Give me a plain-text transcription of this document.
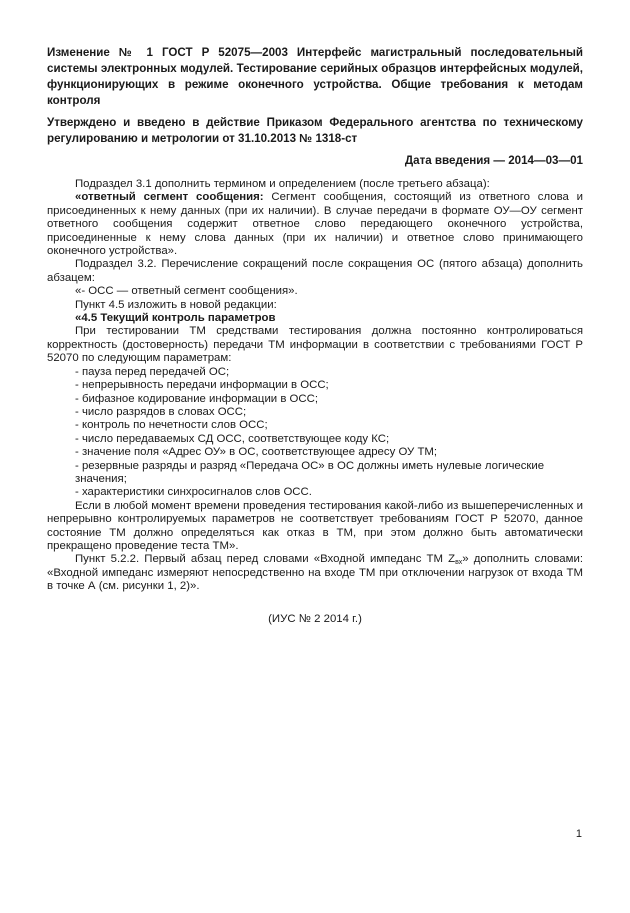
Изменение № 1 ГОСТ Р 52075—2003 Интерфейс магистральный последовательный системы электронных модулей. Тестирование серийных образцов интерфейсных модулей, функционирующих в режиме оконечного устройства. Общие требования к методам контроля

Утверждено и введено в действие Приказом Федерального агентства по техническому регулированию и метрологии от 31.10.2013 № 1318-ст

Дата введения — 2014—03—01

Подраздел 3.1 дополнить термином и определением (после третьего абзаца):

«ответный сегмент сообщения: Сегмент сообщения, состоящий из ответного слова и присоединенных к нему данных (при их наличии). В случае передачи в формате ОУ—ОУ сегмент ответного сообщения содержит ответное слово передающего оконечного устройства, присоединенные к нему слова данных (при их наличии) и ответное слово принимающего оконечного устройства».

Подраздел 3.2. Перечисление сокращений после сокращения ОС (пятого абзаца) дополнить абзацем:

«- ОСС — ответный сегмент сообщения».

Пункт 4.5 изложить в новой редакции:

«4.5 Текущий контроль параметров

При тестировании ТМ средствами тестирования должна постоянно контролироваться корректность (достоверность) передачи ТМ информации в соответствии с требованиями ГОСТ Р 52070 по следующим параметрам:

- пауза перед передачей ОС;

- непрерывность передачи информации в ОСС;

- бифазное кодирование информации в ОСС;

- число разрядов в словах ОСС;

- контроль по нечетности слов ОСС;

- число передаваемых СД ОСС, соответствующее коду КС;

- значение поля «Адрес ОУ» в ОС, соответствующее адресу ОУ ТМ;

- резервные разряды и разряд «Передача ОС» в ОС должны иметь нулевые логические значения;

- характеристики синхросигналов слов ОСС.

Если в любой момент времени проведения тестирования какой-либо из вышеперечисленных и непрерывно контролируемых параметров не соответствует требованиям ГОСТ Р 52070, данное состояние ТМ должно определяться как отказ в ТМ, при этом должно быть автоматически прекращено проведение теста ТМ».

Пункт 5.2.2. Первый абзац перед словами «Входной импеданс ТМ $Z_{вх}$» дополнить словами: «Входной импеданс измеряют непосредственно на входе ТМ при отключении нагрузок от входа ТМ в точке А (см. рисунки 1, 2)».

(ИУС № 2 2014 г.)
1
